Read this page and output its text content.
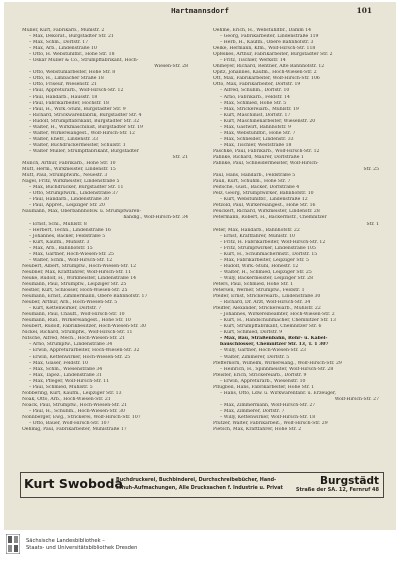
Hartmannsdorf	101
Müller, Kurt, Fabrikarb., Mühlstr. 2
– Max, Dekorat., Burgstädter Str. 21
– Max, Schm., Dorfstr. 17
– Max, Arb., Lindenstraße 10
– Otto, H. Webstuhlfbr., Hohe Str. 18
– Oskar Müller & Co., Strumpffabrikant, Hoch-
Wiesen-Str. 28
– Otto, Webstuhlarbeiter, Hohe Str. 8
– Otto, H., Limbacher Straße 18
– Otto, Friseur, Wiesenstr. 21
– Paul, Appreturarb., Wolf-Hirsch-Str. 12
– Paul, Handarb., Hausstr. 18
– Paul, Fabrikarbeiter, Hochstr. 18
– Paul, H., Wirk.-Stuhl, Burgstädter Str. 9
– Richard, Strickwarenfabrik, Burgstädter Str. 4
– Rudolf, Strumpffabrikant, Burgstädter Str. 32
– Walter, H., Wirkmaschinist, Burgstädter Str. 19
– Walter, Wirkereiangest., Wolf-Hirsch-Str. 12
– Walter, Ehefr., Lindenstr. 33
– Walter, Buchdruckermeister, Schulstr. 1
– Walter Müller, Strumpffabrikant, Burgstädter
Str. 21
Münch, Arthur, Fabrikarb., Hohe Str. 10
Mutt, Herm., Wirkmeister, Lindenstr. 15
Mutt, Paul, Strumpfwirk., Neuestr. 3
Nagel, Fritz, Wirkmeister, Lindenstraße 5
– Max, Buchdrucker, Burgstädter Str. 11
– Otto, Strumpfwirk., Lindenstraße 37
– Paul, Handarb., Lindenstraße 30
– Paul, Appret., Leipziger Str. 20
Naumann, Max, Oberbahnhofsw. u. Strumpfwaren-
handlg., Wolf-Hirsch-Str. 34
– Ernst, Schl., Mühlstr. 8
– Herbert, Techn., Lindenstraße 16
– Johannes, Bäcker, Feldstraße 5
– Kurt, Kaufm., Mühlstr. 3
– Max, Arb., Bahnhofstr. 15
– Max, Gärtner, Hoch-Wiesen-Str. 25
– Walter, Schm., Wolf-Hirsch-Str. 12
Neubert, Albert, Strumpfw., Hoch-Wiesen-Str. 12
Neubner, Max, Kraftfahrer, Wolf-Hirsch-Str. 11
Neuke, Rudolf, H., Wirkmeister, Lindenstraße 14
Neumann, Paul, Strumpfw., Leipziger Str. 25
Nestler, Kurt, Schlosser, Hoch-Wiesen-Str. 25
Neumann, Ernst, Zimmermann, Obere Bahnhofstr. 17
Neuber, Arthur, Arb., Hoch-Wiesen-Str. 5
– Kurt, Kettenwirker, Dorfstr. 7
Neumann, Paul, Chauff., Wolf-Hirsch-Str. 10
Neumann, Rud., Wirkereiangest., Hohe Str. 10
Neubert, Rudolf, Fabrikbesitzer, Hoch-Wiesen-Str. 30
Nickel, Richard, Strumpfw., Wolf-Hirsch-Str. 11
Nitsche, Alfred, Mech., Hoch-Wiesen-Str. 21
– Arno, Strumpfw., Lindenstraße 34
– Erwin, Appreturarbeiter, Hoch-Wiesen-Str. 32
– Erwin, Kettenwirker, Hoch-Wiesen-Str. 25
– Max, Glaser, Feldstr. 10
– Max, Schm., Wiesenstraße 34
– Max, Tapez., Lindenstraße 31
– Max, Pfleger, Wolf-Hirsch-Str. 11
– Paul, Schmied, Mühlstr. 5
Nöbbering, Kurt, Kaufm., Leipziger Str. 13
Noak, Otto, Arb., Hoch-Wiesen-Str. 21
Noack, Paul, Strumpfw., Hoch-Wiesen-Str. 21
– Paul, H., Schuhm., Hoch-Wiesen-Str. 30
Nönnberger, Ewg., Strickerei, Wolf-Hirsch-Str. 107
– Otto, Bauer, Wolf-Hirsch-Str. 107
Oehmig, Paul, Fabrikarbeiter, Mühlstraße 17
Oehme, Erich, H., Webstuhlfbr., Damm 14
– Georg, Fabrikarbeiter, Lindenstraße 119
– Herb, H., Kaufm., Obere Bahnhofstr. 3
Oelke, Hermann, Kfm., Wolf-Hirsch-Str. 118
Opfelkes, Arthur, Fabrikarbeiter, Burgstädter Str. 2
– Fritz, Tischler, Werkstr. 14
Ohmeyer, Richard, Rentner, Alte Bahnhofstr. 12
Opitz, Johannes, Kaufm., Hoch-Wiesen-Str. 2
Ott, Max, Fabrikarbeiter, Wolf-Hirsch-Str. 106
Otto, Max, Fabrikarbeiter, Dorfstr. 19
– Alfred, Schuhm., Dorfstr. 10
– Arno, Fabrikarb., Feldstr. 14
– Max, Schmied, Hohe Str. 5
– Max, Strickereiarb., Mühlstr. 19
– Kurt, Maschinist, Dorfstr. 17
– Kurt, Maschinenarbeiter, Wiesenstr. 20
– Max, Gastwirt, Bahnhofstr. 9
– Max, Webstuhlfbr., Hohe Str. 7
– Max, Schneider, Lindenstr. 33
– Max, Tischler, Weststraße 18
Päschke, Paul, Fabrikarb., Wolf-Hirsch-Str. 12
Pahnke, Richard, Maurer, Dorfstraße 1
Pahnke, Paul, Schneidermeister, Wolf-Hirsch-
Str. 25
Paul, Hans, Handarb., Feldstraße 5
Pauli, Kurt, Schuhm., Hohe Str. 7
Peitsche, Gust., Bäcker, Dorfstraße 4
Pelz, Georg, Strumpfwirker, Bahnhofstr. 10
– Kurt, Webstuhlfbr., Lindenstraße 12
Petzold, Paul, Wirkereiangest., Hohe Str. 16
Peuckert, Richard, Wirkmeister, Lindenstr. 28
Petermann, Robert, H., Bäckermstr., Chemnitzer
Str. 1
Peter, Max, Handarb., Bahnhofstr. 22
– Ernst, Kraftfahrer, Mühlstr. 10
– Fritz, H. Fabrikarbeiter, Wolf-Hirsch-Str. 12
– Fritz, Strumpfwirker, Lindenstraße 105
– Kurt, H., Schuhmachermstr., Dorfstr. 15
– Max, Fabrikarbeiter, Leipziger Str. 5
– Rudolf, Wirk.-Stuhl, Hohestr. 12
– Walter, H., Schmied, Leipziger Str. 25
– Willy, Bäckermeister, Leipziger Str. 28
Peters, Paul, Schmied, Hohe Str. 1
Petersen, Werner, Strumpfw., Feldstr. 1
Pfeifer, Ernst, Strickereiarb., Lindenstraße 30
– Richard, Dr. Arzt, Wolf-Hirsch-Str. 34
Pfeiffer, Alexander, Strickereiarb., Mühlstr. 22
– Johannes, Wirkereibeamter, Hoch-Wiesen-Str. 2
– Kurt, H., Handschuhmacher, Chemnitzer Str. 13
– Kurt, Strumpffabrikant, Chemnitzer Str. 6
– Kurt, Schmied, Dorfstr. 9
– Max, Bau, Straßenbahn, Rohr- u. Kabel-
bauschlosser, Chemnitzer Str. 13, T. 1 307
– Willy, Gärtner, Hoch-Wiesen-Str. 23
– Walter, Zimmerer, Dorfstr. 5
Pfefferkorn, Wilhelm, Wirkereiang., Wolf-Hirsch-Str. 29
– Heinrich, H., Spinnmeister, Wolf-Hirsch-Str. 28
Pfeister, Erich, Strickereiarb., Dorfstr. 9
– Erwin, Appreturarb., Wiesenstr. 10
Pflugbeil, Hans, Fabrikarbeiter, Hohe Str. 1
– Hans, Otto, Ldw. u. Wirkwarenfabr. u. Erzeuger,
Wolf-Hirsch-Str. 27
– Max, Zimmermann, Wolf-Hirsch-Str. 27
– Max, Zimmerer, Dorfstr. 7
– Willy, Kettenwirker, Wolf-Hirsch-Str. 18
Pfützer, Walter, Fabrikarbeit., Wolf-Hirsch-Str. 29
Pietsch, Max, Kraftfahrer, Hohe Str. 2
Kurt Swoboda
Buchdruckerei, Buchbinderei, Durchschreibebücher, Hand-
schuh-Aufmachungen, Alle Drucksachen f. Industrie u. Privat
Burgstädt
Straße der SA. 12, Fernruf 48
Sächsische Landesbibliothek –
Staats- und Universitätsbibliothek Dresden
